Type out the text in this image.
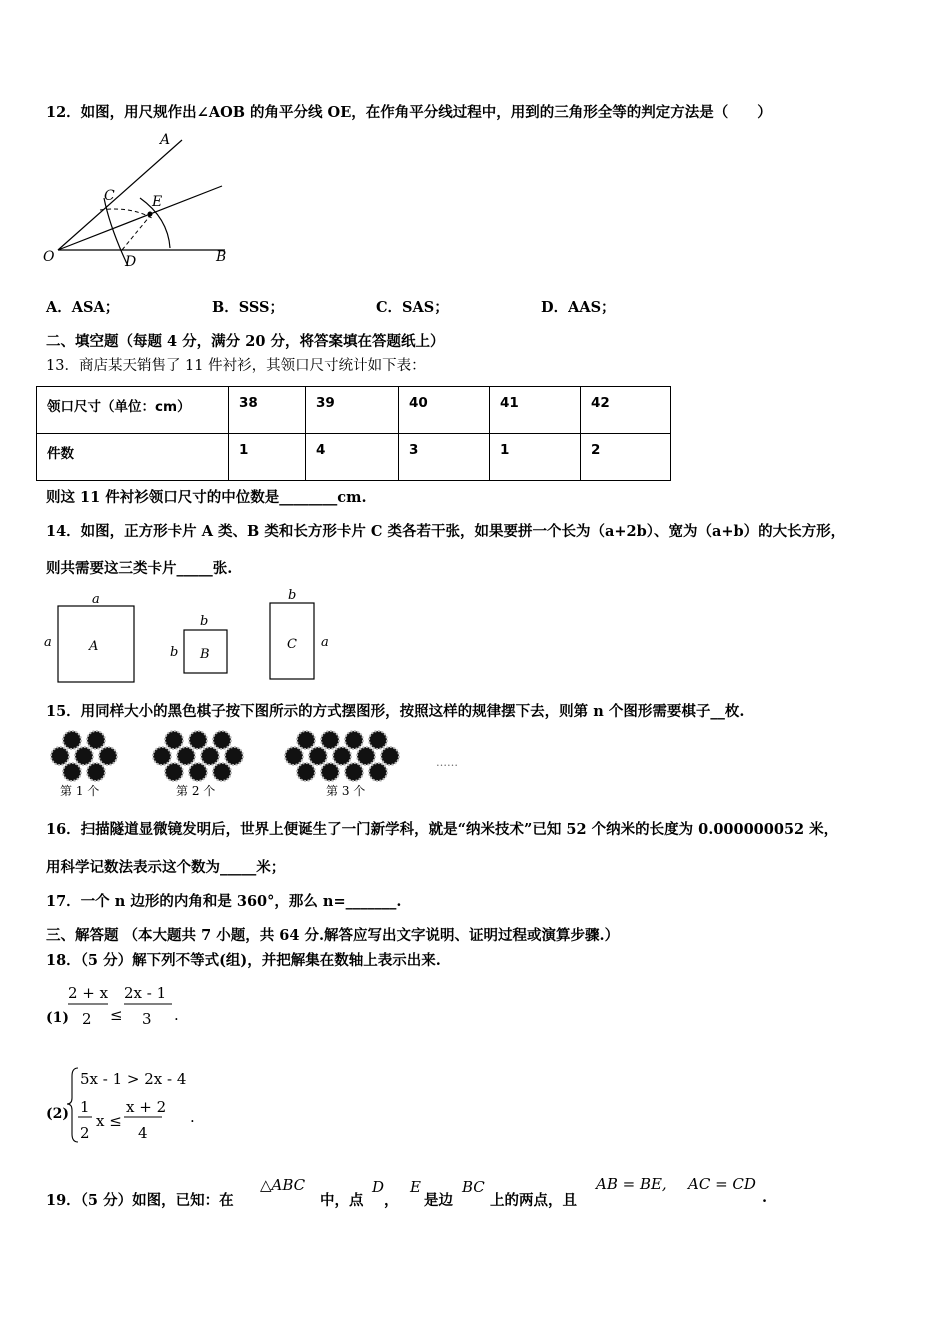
12．如图，用尺规作出∠AOB 的角平分线 OE，在作角平分线过程中，用到的三角形全等的判定方法是（　　）
A
B
C
D
E
O
A．ASA；	B．SSS；	C．SAS；	D．AAS；
二、填空题（每题 4 分，满分 20 分，将答案填在答题纸上）
13．商店某天销售了 11 件衬衫，其领口尺寸统计如下表：
领口尺寸（单位：cm）	38	39	40	41	42
件数	1	4	3	1	2
则这 11 件衬衫领口尺寸的中位数是________cm.
14．如图，正方形卡片 A 类、B 类和长方形卡片 C 类各若干张，如果要拼一个长为（a+2b）、宽为（a+b）的大长方形，
则共需要这三类卡片_____张.
a
a	A
b
b B
b
a
C
15．用同样大小的黑色棋子按下图所示的方式摆图形，按照这样的规律摆下去，则第 n 个图形需要棋子__枚.
第 1 个	第 2 个	第 3 个
……
16．扫描隧道显微镜发明后，世界上便诞生了一门新学科，就是“纳米技术”已知 52 个纳米的长度为 0.000000052 米，
用科学记数法表示这个数为_____米；
17．一个 n 边形的内角和是 360°，那么 n=_______.
三、解答题 （本大题共 7 小题，共 64 分.解答应写出文字说明、证明过程或演算步骤.）
18．（5 分）解下列不等式(组)，并把解集在数轴上表示出来.
(1)
2 + x
2 ≤
2x - 1
3 .
(2)
5x - 1 > 2x - 4
1
2
x ≤
x + 2
4
.
19．（5 分）如图，已知：在
△ABC
中，点
D
，
E
是边
BC
上的两点，且
AB = BE, AC = CD
.
